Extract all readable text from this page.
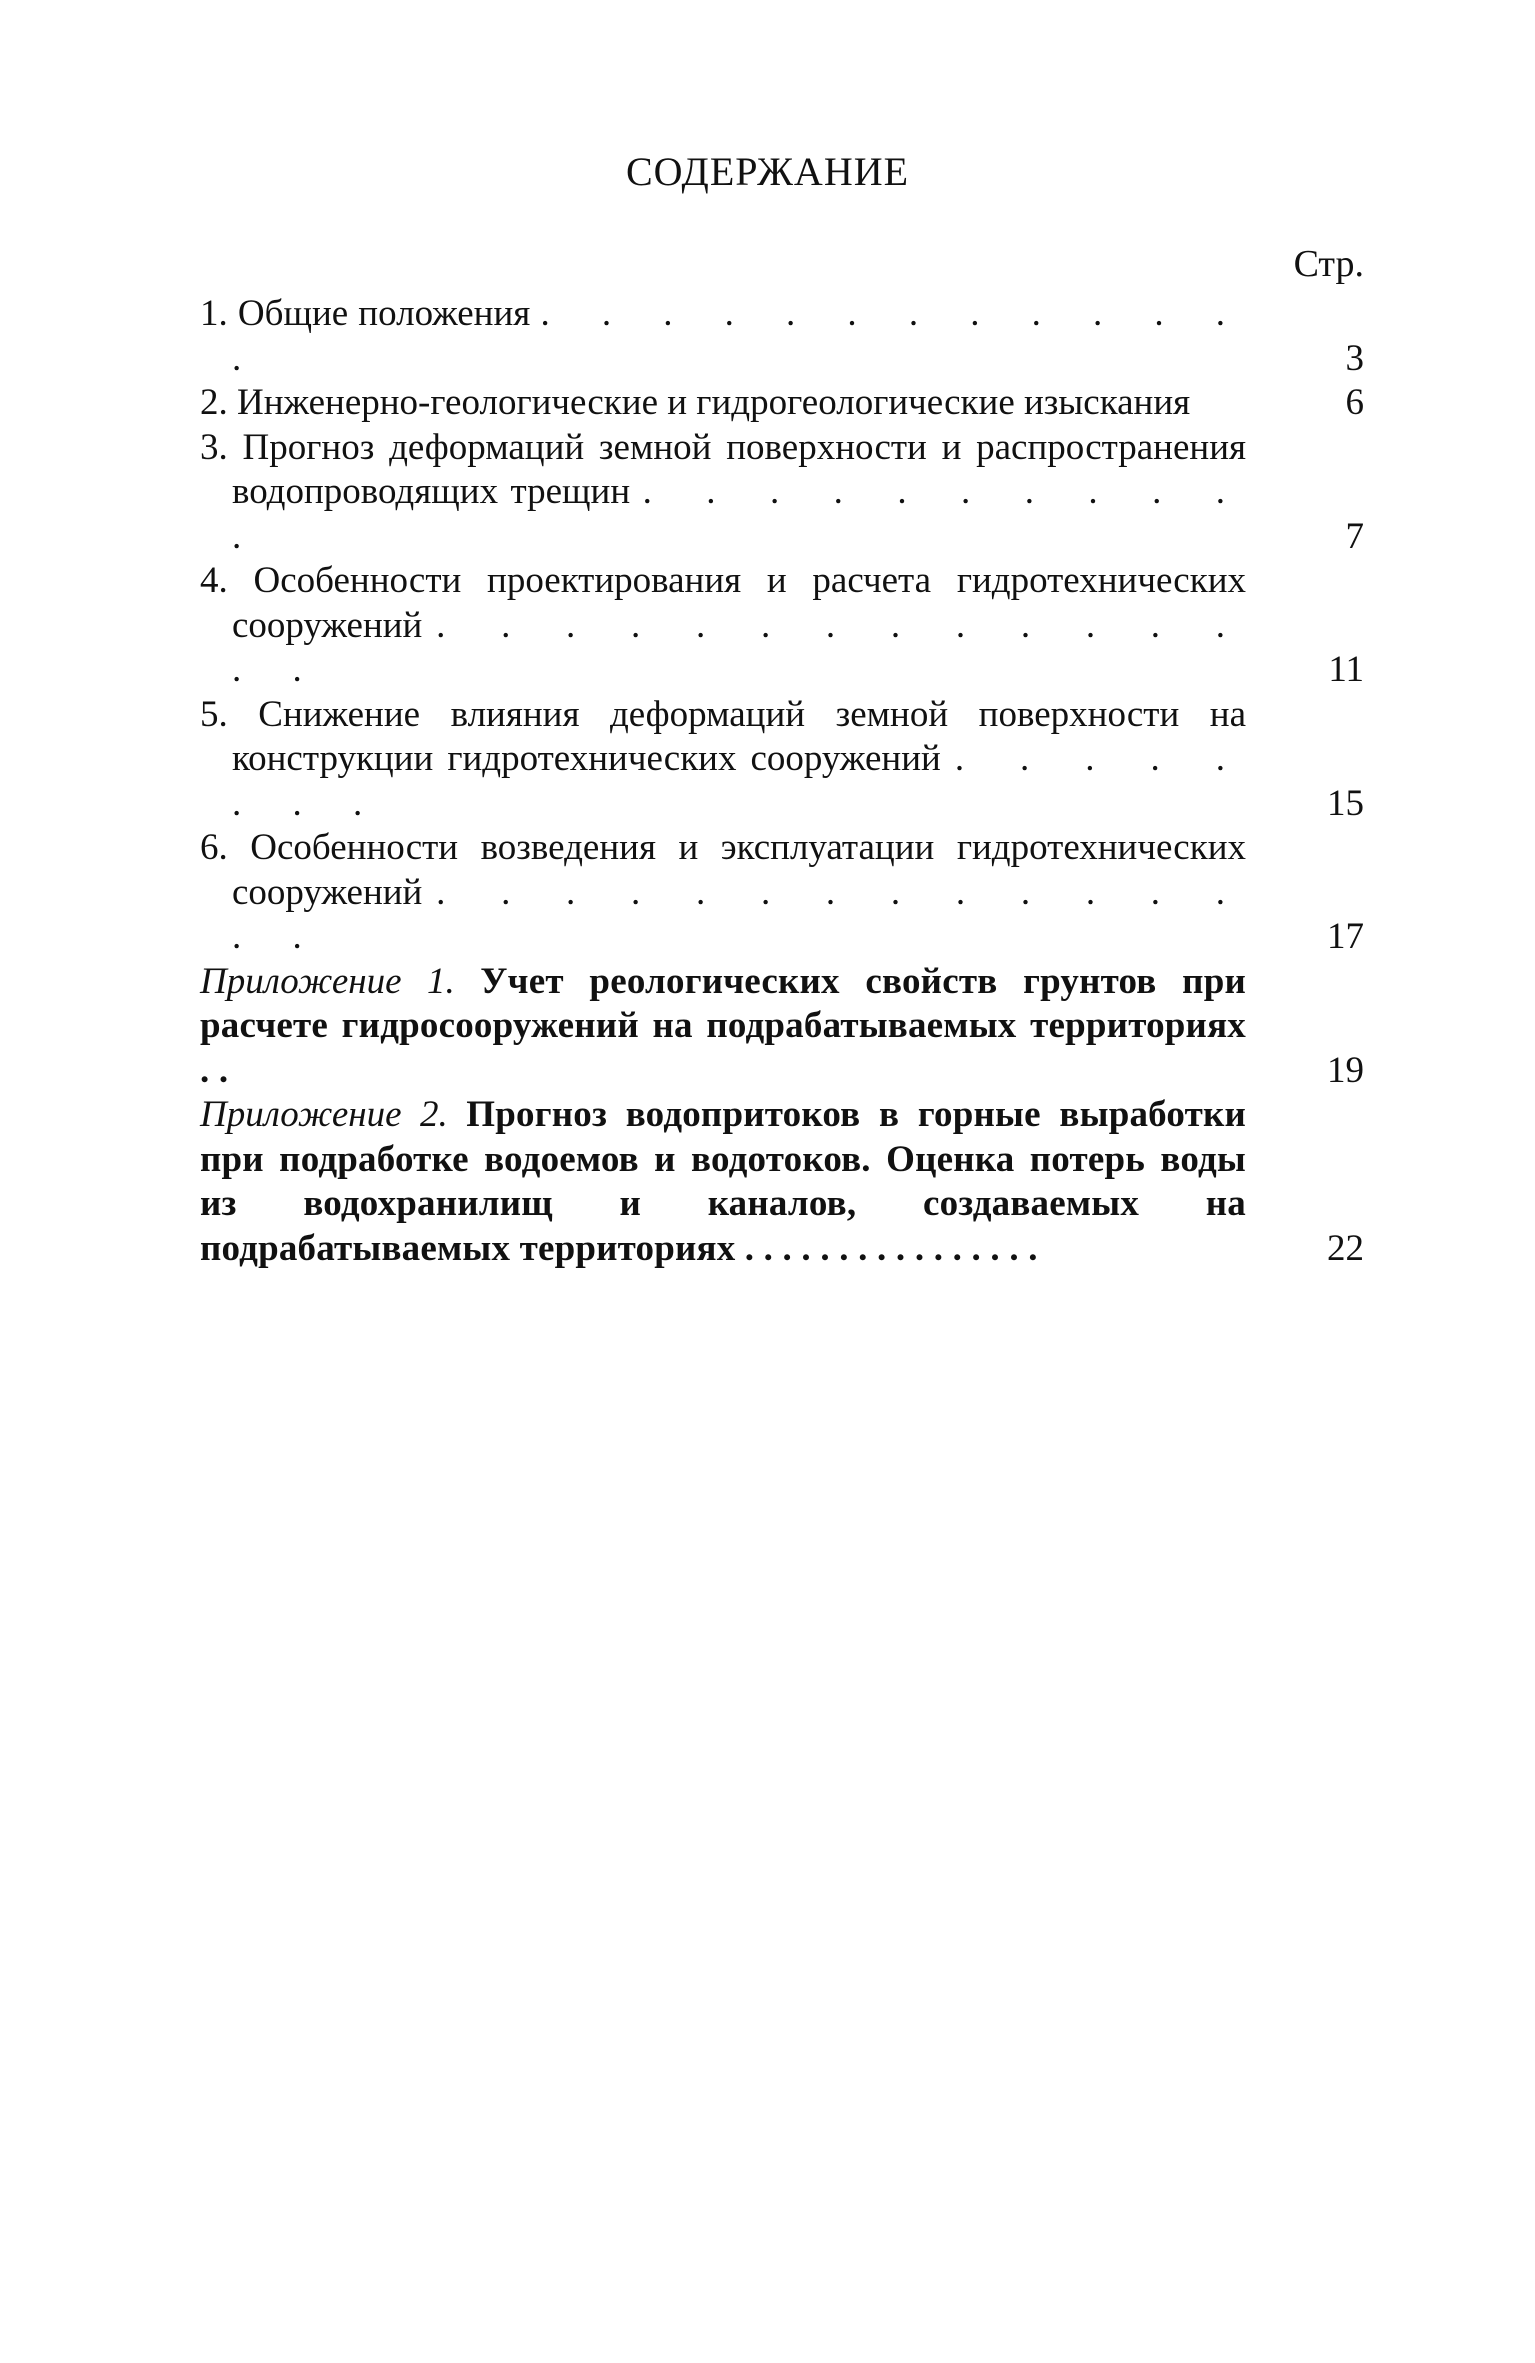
СОДЕРЖАНИЕ
Стр.
1. Общие положения . . . . . . . . . . . . .	3
2. Инженерно-геологические и гидрогеологические изыскания	6
3. Прогноз деформаций земной поверхности и распространения водопроводящих трещин . . . . . . . . . . .	7
4. Особенности проектирования и расчета гидротехнических сооружений . . . . . . . . . . . . . . .	11
5. Снижение влияния деформаций земной поверхности на конструкции гидротехнических сооружений . . . . . . . .	15
6. Особенности возведения и эксплуатации гидротехнических сооружений . . . . . . . . . . . . . . .	17
Приложение 1. Учет реологических свойств грунтов при расчете гидросооружений на подрабатываемых территориях . .	19
Приложение 2. Прогноз водопритоков в горные выработки при подработке водоемов и водотоков. Оценка потерь воды из водохранилищ и каналов, создаваемых на подрабатываемых территориях . . . . . . . . . . . . . . . .	22
